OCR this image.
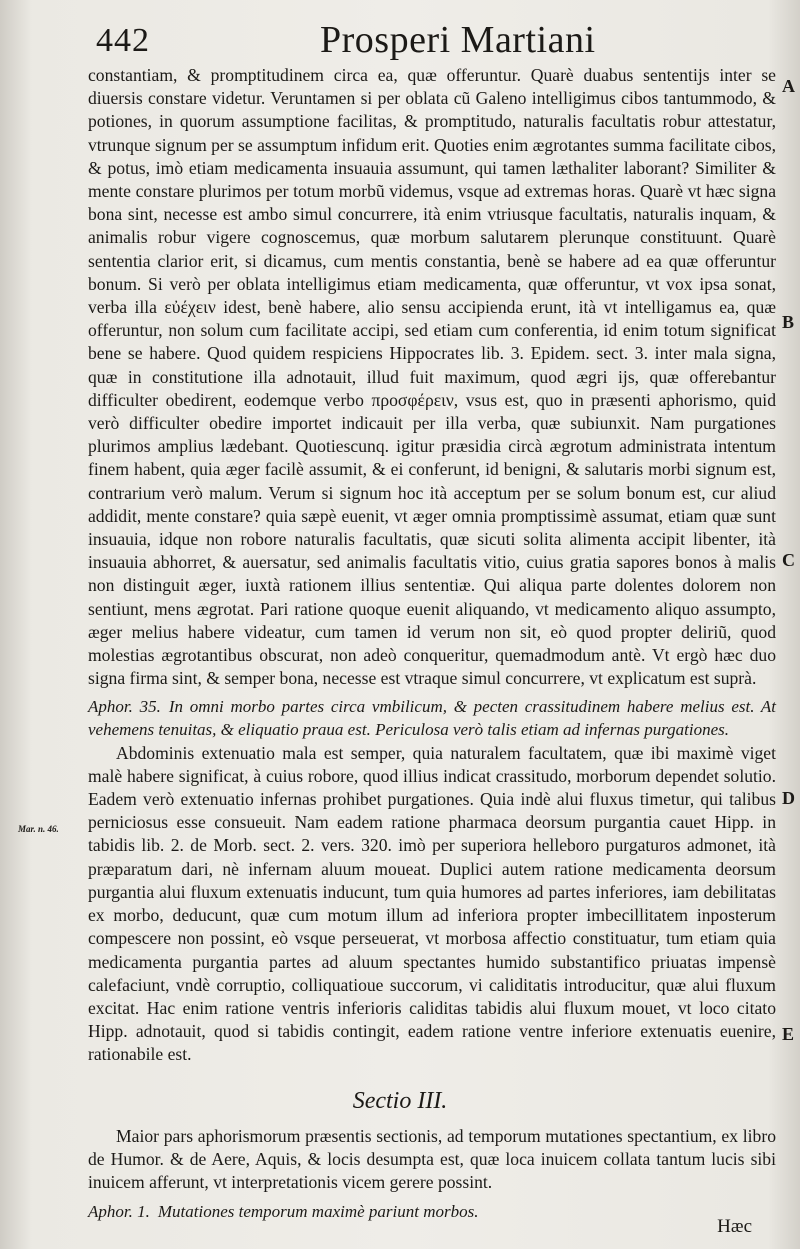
442	Prosperi Martiani

constantiam, & promptitudinem circa ea, quæ offeruntur. Quarè duabus sententijs inter se diuersis constare videtur. Veruntamen si per oblata cũ Galeno intelligimus cibos tantummodo, & potiones, in quorum assumptione facilitas, & promptitudo, naturalis facultatis robur attestatur, vtrunque signum per se assumptum infidum erit. Quoties enim ægrotantes summa facilitate cibos, & potus, imò etiam medicamenta insuauia assumunt, qui tamen læthaliter laborant? Similiter & mente constare plurimos per totum morbũ videmus, vsque ad extremas horas. Quarè vt hæc signa bona sint, necesse est ambo simul concurrere, ità enim vtriusque facultatis, naturalis inquam, & animalis robur vigere cognoscemus, quæ morbum salutarem plerunque constituunt. Quarè sententia clarior erit, si dicamus, cum mentis constantia, benè se habere ad ea quæ offeruntur bonum. Si verò per oblata intelligimus etiam medicamenta, quæ offeruntur, vt vox ipsa sonat, verba illa εὐέχειν idest, benè habere, alio sensu accipienda erunt, ità vt intelligamus ea, quæ offeruntur, non solum cum facilitate accipi, sed etiam cum conferentia, id enim totum significat bene se habere. Quod quidem respiciens Hippocrates lib. 3. Epidem. sect. 3. inter mala signa, quæ in constitutione illa adnotauit, illud fuit maximum, quod ægri ijs, quæ offerebantur difficulter obedirent, eodemque verbo προσφέρειν, vsus est, quo in præsenti aphorismo, quid verò difficulter obedire importet indicauit per illa verba, quæ subiunxit. Nam purgationes plurimos amplius lædebant. Quotiescunq. igitur præsidia circà ægrotum administrata intentum finem habent, quia æger facilè assumit, & ei conferunt, id benigni, & salutaris morbi signum est, contrarium verò malum. Verum si signum hoc ità acceptum per se solum bonum est, cur aliud addidit, mente constare? quia sæpè euenit, vt æger omnia promptissimè assumat, etiam quæ sunt insuauia, idque non robore naturalis facultatis, quæ sicuti solita alimenta accipit libenter, ità insuauia abhorret, & auersatur, sed animalis facultatis vitio, cuius gratia sapores bonos à malis non distinguit æger, iuxtà rationem illius sententiæ. Qui aliqua parte dolentes dolorem non sentiunt, mens ægrotat. Pari ratione quoque euenit aliquando, vt medicamento aliquo assumpto, æger melius habere videatur, cum tamen id verum non sit, eò quod propter deliriũ, quod molestias ægrotantibus obscurat, non adeò conqueritur, quemadmodum antè. Vt ergò hæc duo signa firma sint, & semper bona, necesse est vtraque simul concurrere, vt explicatum est suprà.

Aphor. 35. In omni morbo partes circa vmbilicum, & pecten crassitudinem habere melius est. At vehemens tenuitas, & eliquatio praua est. Periculosa verò talis etiam ad infernas purgationes.

Abdominis extenuatio mala est semper, quia naturalem facultatem, quæ ibi maximè viget malè habere significat, à cuius robore, quod illius indicat crassitudo, morborum dependet solutio. Eadem verò extenuatio infernas prohibet purgationes. Quia indè alui fluxus timetur, qui talibus perniciosus esse consueuit. Nam eadem ratione pharmaca deorsum purgantia cauet Hipp. in tabidis lib. 2. de Morb. sect. 2. vers. 320. imò per superiora helleboro purgaturos admonet, ità præparatum dari, nè infernam aluum moueat. Duplici autem ratione medicamenta deorsum purgantia alui fluxum extenuatis inducunt, tum quia humores ad partes inferiores, iam debilitatas ex morbo, deducunt, quæ cum motum illum ad inferiora propter imbecillitatem inposterum compescere non possint, eò vsque perseuerat, vt morbosa affectio constituatur, tum etiam quia medicamenta purgantia partes ad aluum spectantes humido substantifico priuatas impensè calefaciunt, vndè corruptio, colliquatioue succorum, vi caliditatis introducitur, quæ alui fluxum excitat. Hac enim ratione ventris inferioris caliditas tabidis alui fluxum mouet, vt loco citato Hipp. adnotauit, quod si tabidis contingit, eadem ratione ventre inferiore extenuatis euenire, rationabile est.

A
B
C
D
E
Mar. n. 46.
Sectio III.

Maior pars aphorismorum præsentis sectionis, ad temporum mutationes spectantium, ex libro de Humor. & de Aere, Aquis, & locis desumpta est, quæ loca inuicem collata tantum lucis sibi inuicem afferunt, vt interpretationis vicem gerere possint.

Aphor. 1. Mutationes temporum maximè pariunt morbos.

Hæc
